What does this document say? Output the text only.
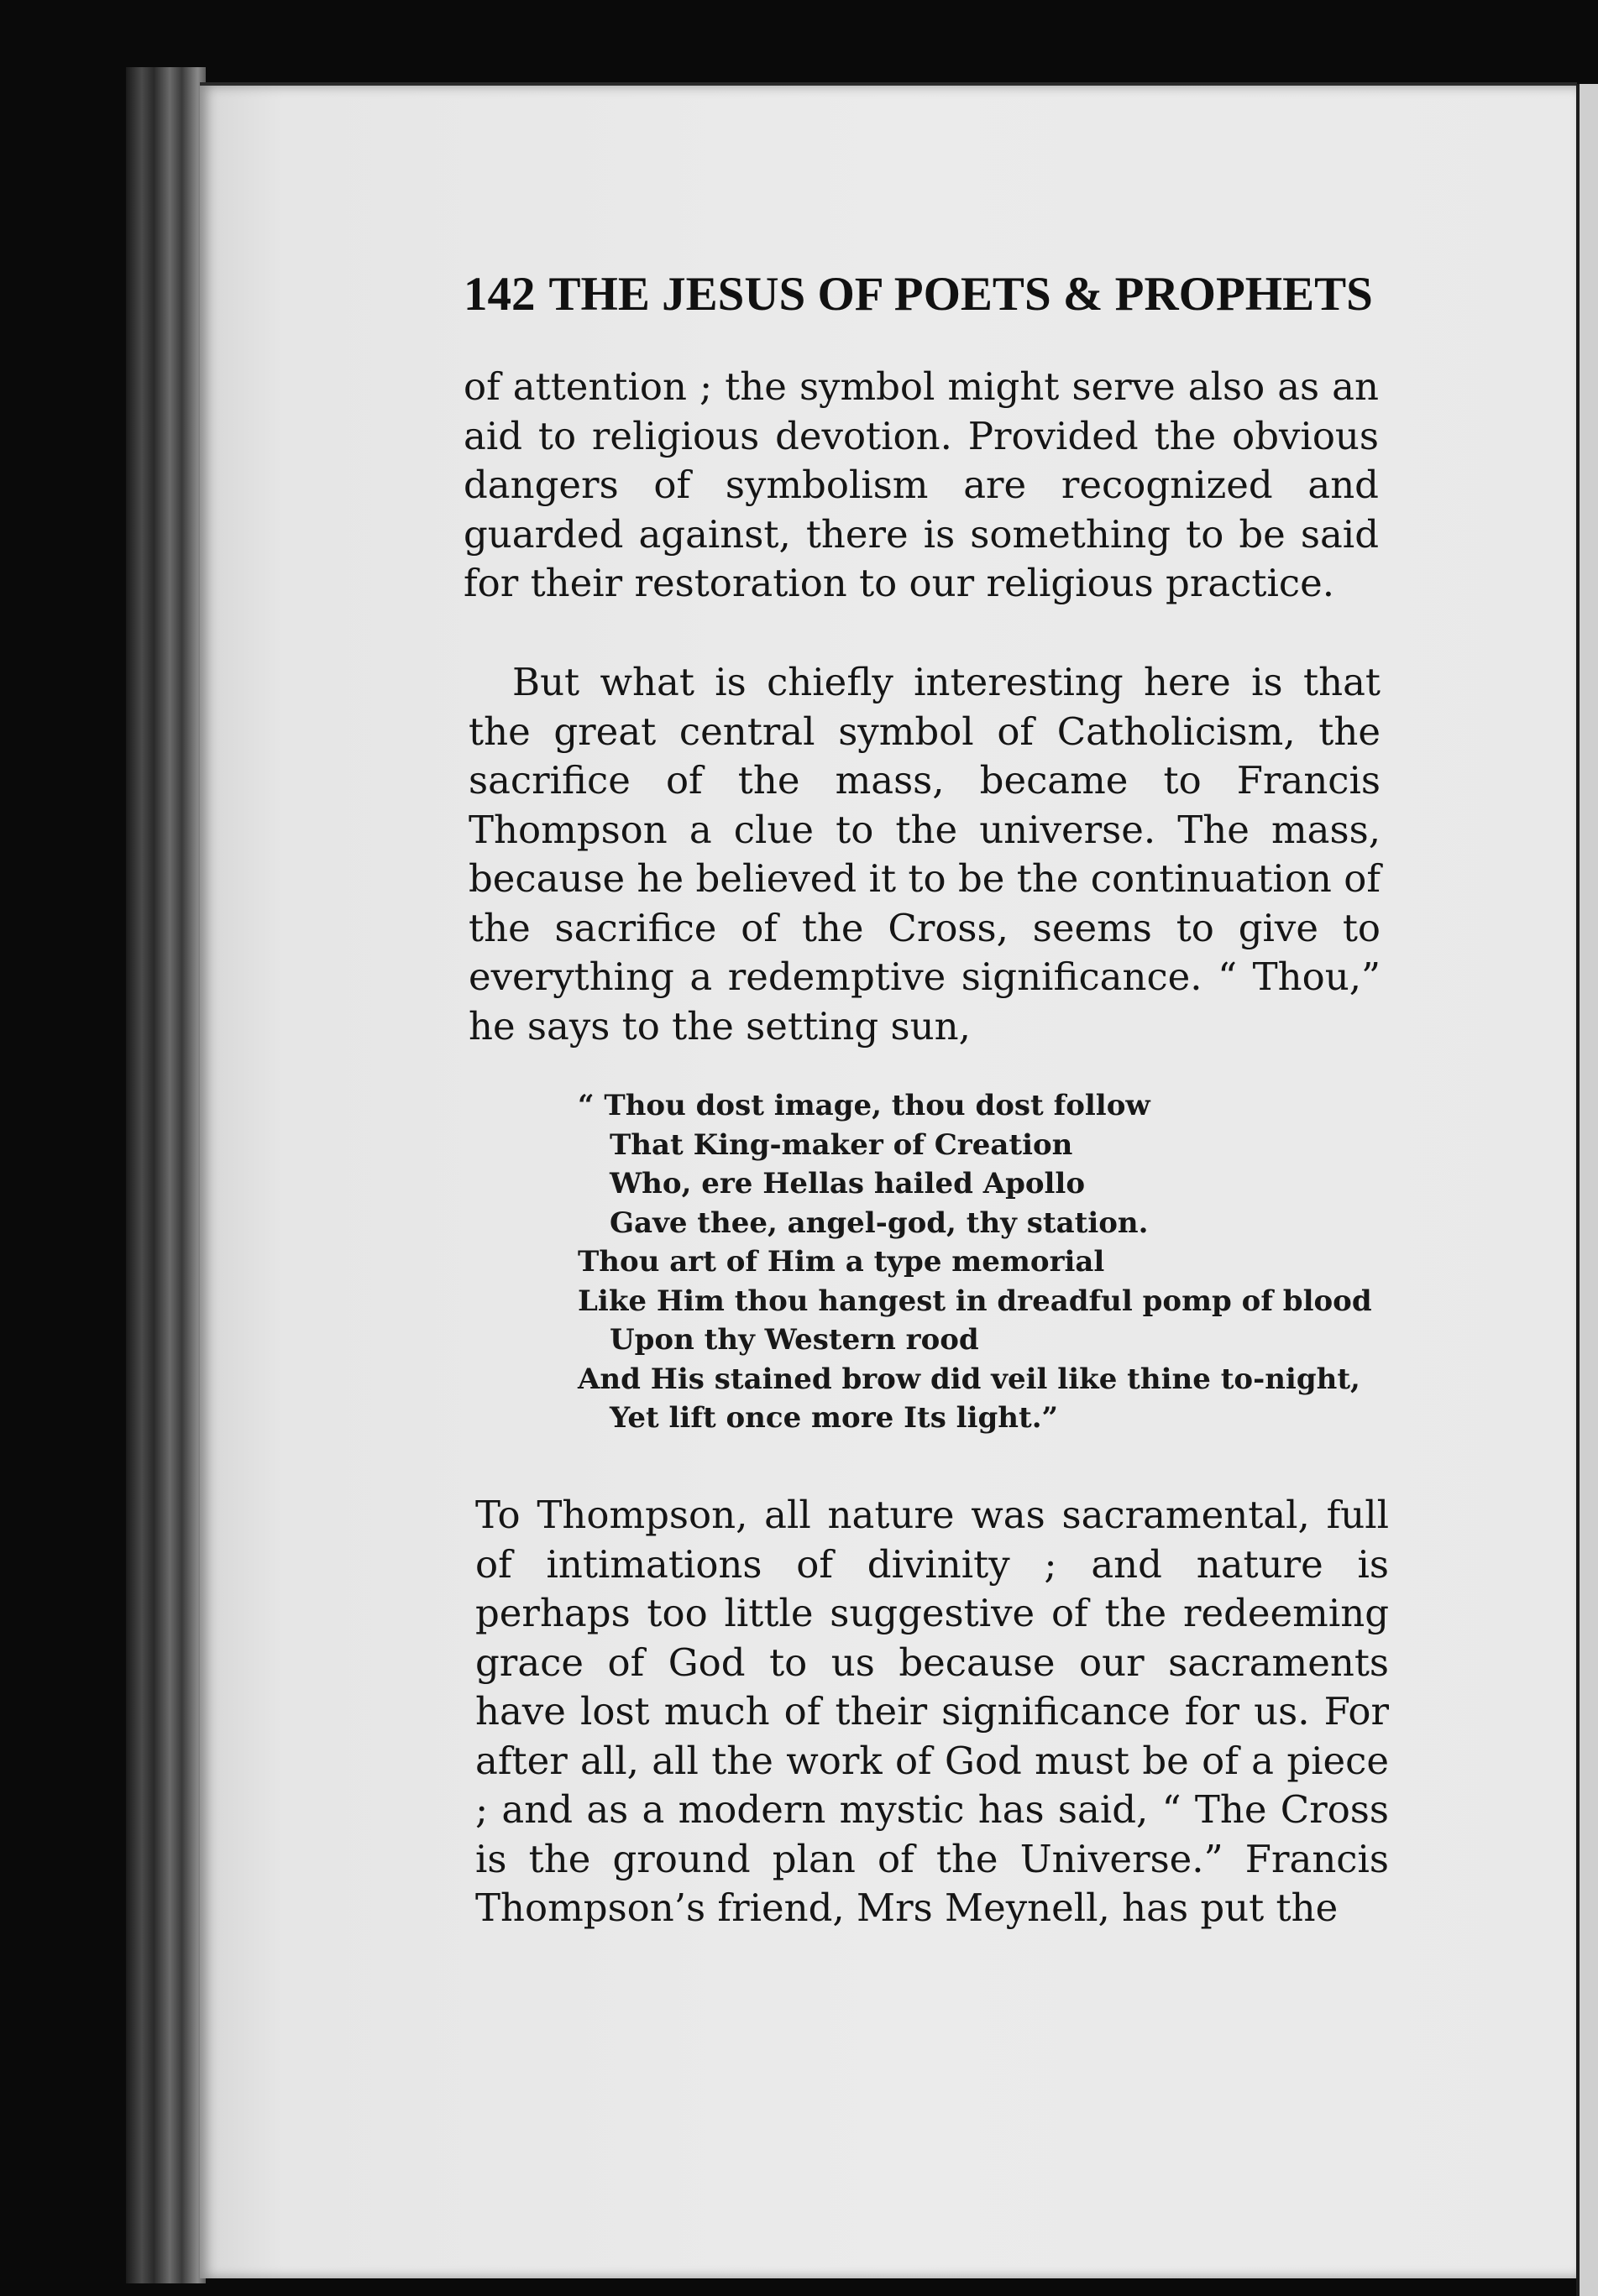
142 THE JESUS OF POETS & PROPHETS

of attention ; the symbol might serve also as an aid to religious devotion. Provided the obvious dangers of symbolism are recognized and guarded against, there is something to be said for their restoration to our religious practice.

But what is chiefly interesting here is that the great central symbol of Catholicism, the sacrifice of the mass, became to Francis Thompson a clue to the universe. The mass, because he believed it to be the continuation of the sacrifice of the Cross, seems to give to everything a redemptive significance. “ Thou,” he says to the setting sun,

“ Thou dost image, thou dost follow
That King-maker of Creation
Who, ere Hellas hailed Apollo
Gave thee, angel-god, thy station.
Thou art of Him a type memorial
Like Him thou hangest in dreadful pomp of blood
Upon thy Western rood
And His stained brow did veil like thine to-night,
Yet lift once more Its light.”

To Thompson, all nature was sacramental, full of intimations of divinity ; and nature is perhaps too little suggestive of the redeeming grace of God to us because our sacraments have lost much of their significance for us. For after all, all the work of God must be of a piece ; and as a modern mystic has said, “ The Cross is the ground plan of the Universe.” Francis Thompson’s friend, Mrs Meynell, has put the
